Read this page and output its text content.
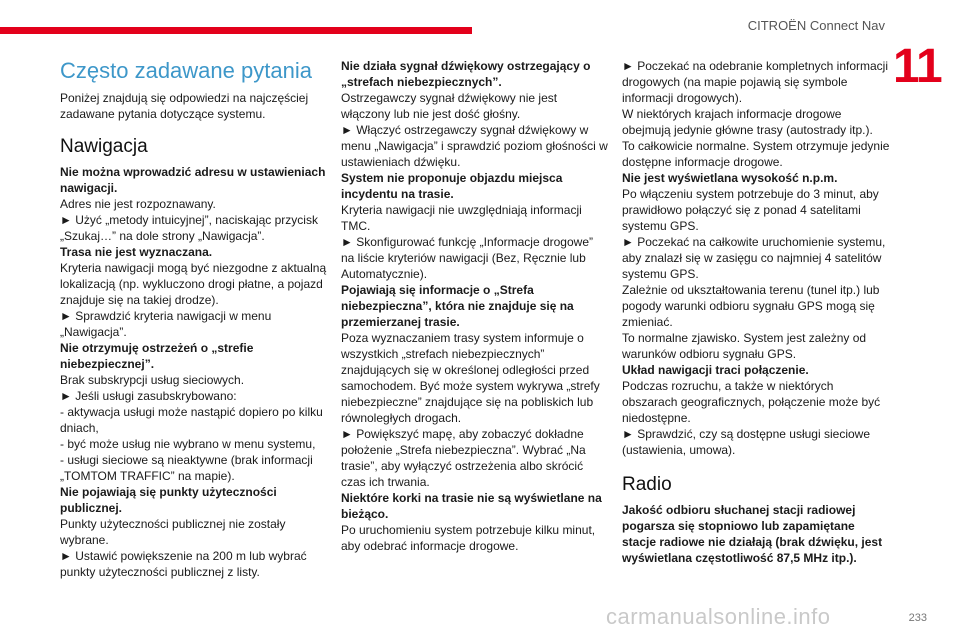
CITROËN Connect Nav
11
Często zadawane pytania

Poniżej znajdują się odpowiedzi na najczęściej zadawane pytania dotyczące systemu.

Nawigacja

Nie można wprowadzić adresu w ustawieniach nawigacji.

Adres nie jest rozpoznawany.

► Użyć „metody intuicyjnej”, naciskając przycisk „Szukaj…” na dole strony „Nawigacja”.

Trasa nie jest wyznaczana.

Kryteria nawigacji mogą być niezgodne z aktualną lokalizacją (np. wykluczono drogi płatne, a pojazd znajduje się na takiej drodze).

► Sprawdzić kryteria nawigacji w menu „Nawigacja”.

Nie otrzymuję ostrzeżeń o „strefie niebezpiecznej”.

Brak subskrypcji usług sieciowych.

► Jeśli usługi zasubskrybowano:

- aktywacja usługi może nastąpić dopiero po kilku dniach,

- być może usług nie wybrano w menu systemu,

- usługi sieciowe są nieaktywne (brak informacji „TOMTOM TRAFFIC” na mapie).

Nie pojawiają się punkty użyteczności publicznej.

Punkty użyteczności publicznej nie zostały wybrane.

► Ustawić powiększenie na 200 m lub wybrać punkty użyteczności publicznej z listy.

Nie działa sygnał dźwiękowy ostrzegający o „strefach niebezpiecznych”.

Ostrzegawczy sygnał dźwiękowy nie jest włączony lub nie jest dość głośny.

► Włączyć ostrzegawczy sygnał dźwiękowy w menu „Nawigacja” i sprawdzić poziom głośności w ustawieniach dźwięku.

System nie proponuje objazdu miejsca incydentu na trasie.

Kryteria nawigacji nie uwzględniają informacji TMC.

► Skonfigurować funkcję „Informacje drogowe” na liście kryteriów nawigacji (Bez, Ręcznie lub Automatycznie).

Pojawiają się informacje o „Strefa niebezpieczna”, która nie znajduje się na przemierzanej trasie.

Poza wyznaczaniem trasy system informuje o wszystkich „strefach niebezpiecznych” znajdujących się w określonej odległości przed samochodem. Być może system wykrywa „strefy niebezpieczne” znajdujące się na pobliskich lub równoległych drogach.

► Powiększyć mapę, aby zobaczyć dokładne położenie „Strefa niebezpieczna”. Wybrać „Na trasie”, aby wyłączyć ostrzeżenia albo skrócić czas ich trwania.

Niektóre korki na trasie nie są wyświetlane na bieżąco.

Po uruchomieniu system potrzebuje kilku minut, aby odebrać informacje drogowe.

► Poczekać na odebranie kompletnych informacji drogowych (na mapie pojawią się symbole informacji drogowych).

W niektórych krajach informacje drogowe obejmują jedynie główne trasy (autostrady itp.).

To całkowicie normalne. System otrzymuje jedynie dostępne informacje drogowe.

Nie jest wyświetlana wysokość n.p.m.

Po włączeniu system potrzebuje do 3 minut, aby prawidłowo połączyć się z ponad 4 satelitami systemu GPS.

► Poczekać na całkowite uruchomienie systemu, aby znalazł się w zasięgu co najmniej 4 satelitów systemu GPS.

Zależnie od ukształtowania terenu (tunel itp.) lub pogody warunki odbioru sygnału GPS mogą się zmieniać.

To normalne zjawisko. System jest zależny od warunków odbioru sygnału GPS.

Układ nawigacji traci połączenie.

Podczas rozruchu, a także w niektórych obszarach geograficznych, połączenie może być niedostępne.

► Sprawdzić, czy są dostępne usługi sieciowe (ustawienia, umowa).

Radio

Jakość odbioru słuchanej stacji radiowej pogarsza się stopniowo lub zapamiętane stacje radiowe nie działają (brak dźwięku, jest wyświetlana częstotliwość 87,5 MHz itp.).

carmanualsonline.info	233
